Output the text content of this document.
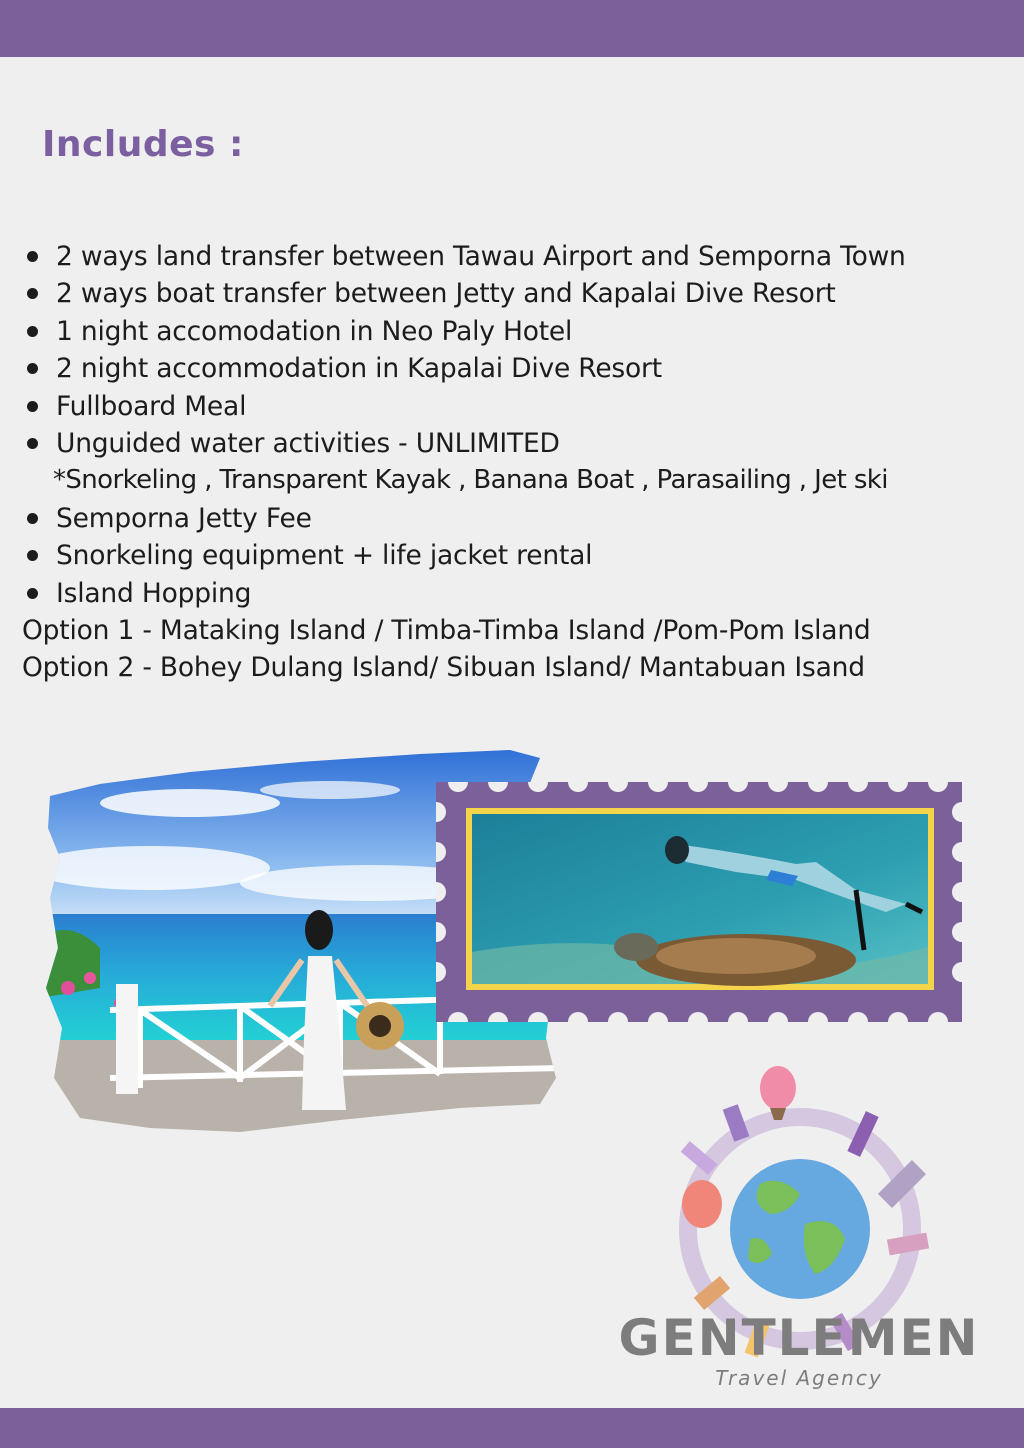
Includes :
2 ways land transfer between Tawau Airport and Semporna Town
2 ways boat transfer between Jetty and Kapalai Dive Resort
1 night accomodation in Neo Paly Hotel
2 night accommodation in Kapalai Dive Resort
Fullboard Meal
Unguided water activities - UNLIMITED
*Snorkeling , Transparent Kayak , Banana Boat , Parasailing , Jet ski
Semporna Jetty Fee
Snorkeling equipment + life jacket rental
Island Hopping
Option 1 - Mataking Island / Timba-Timba Island /Pom-Pom Island
Option 2 - Bohey Dulang Island/ Sibuan Island/ Mantabuan Isand
GENTLEMEN
Travel Agency
